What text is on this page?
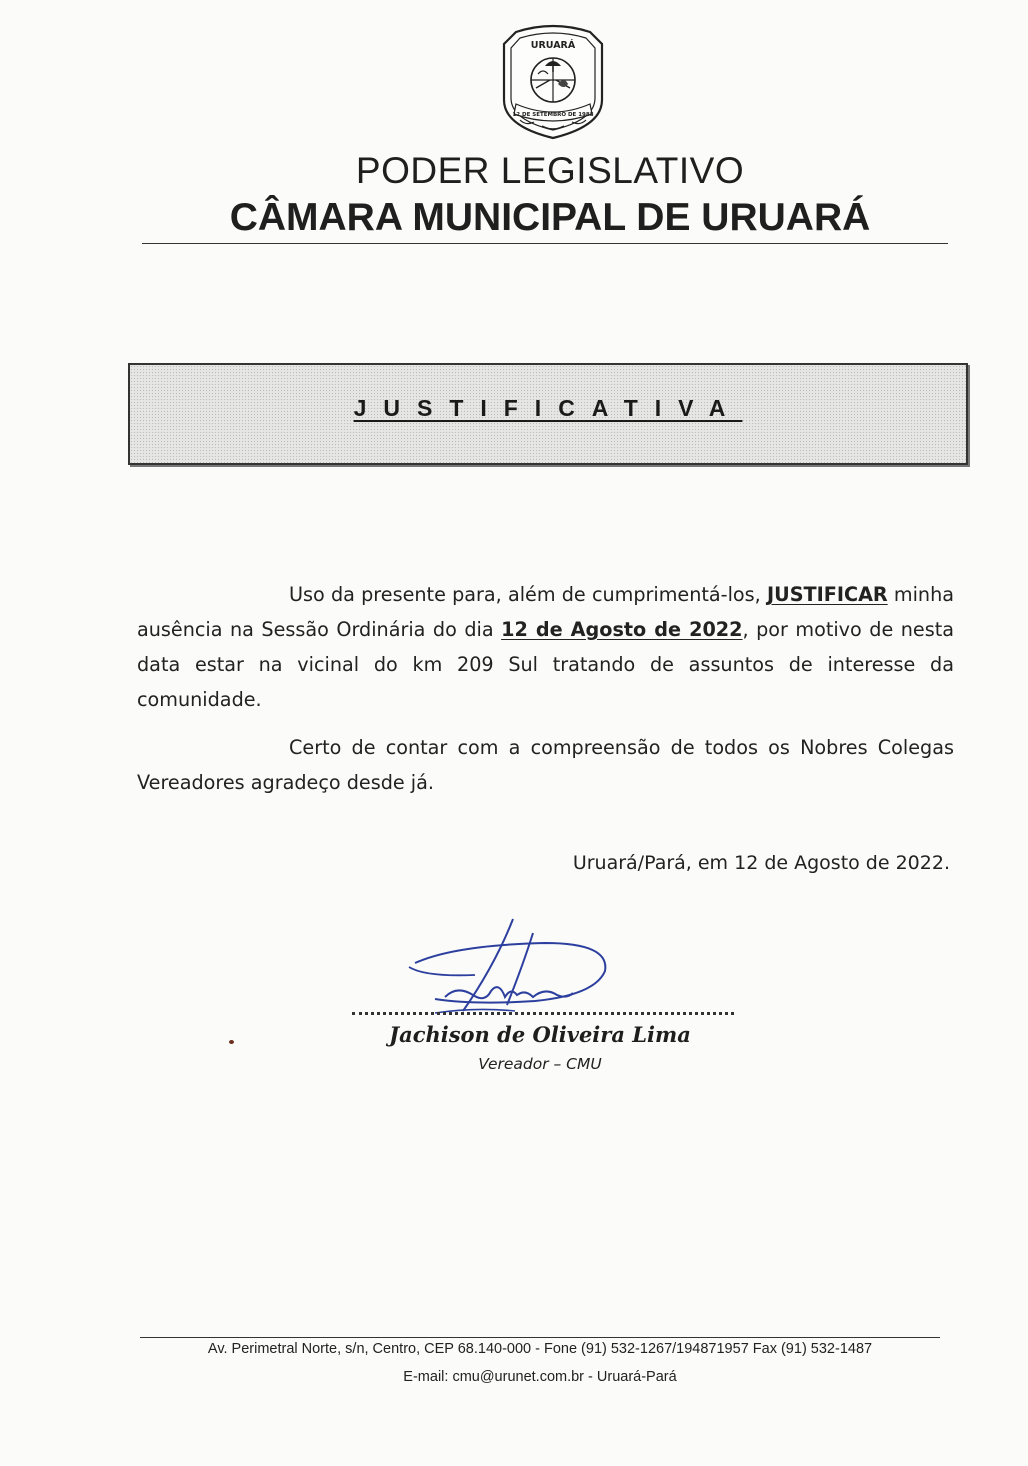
URUARÁ
12 DE SETEMBRO DE 1988
PODER LEGISLATIVO
CÂMARA MUNICIPAL DE URUARÁ
JUSTIFICATIVA
Uso da presente para, além de cumprimentá-los, JUSTIFICAR minha ausência na Sessão Ordinária do dia 12 de Agosto de 2022, por motivo de nesta data estar na vicinal do km 209 Sul tratando de assuntos de interesse da comunidade.
Certo de contar com a compreensão de todos os Nobres Colegas Vereadores agradeço desde já.
Uruará/Pará, em 12 de Agosto de 2022.
Jachison de Oliveira Lima
Vereador – CMU
Av. Perimetral Norte, s/n, Centro, CEP 68.140-000 - Fone (91) 532-1267/194871957 Fax (91) 532-1487
E-mail: cmu@urunet.com.br - Uruará-Pará
